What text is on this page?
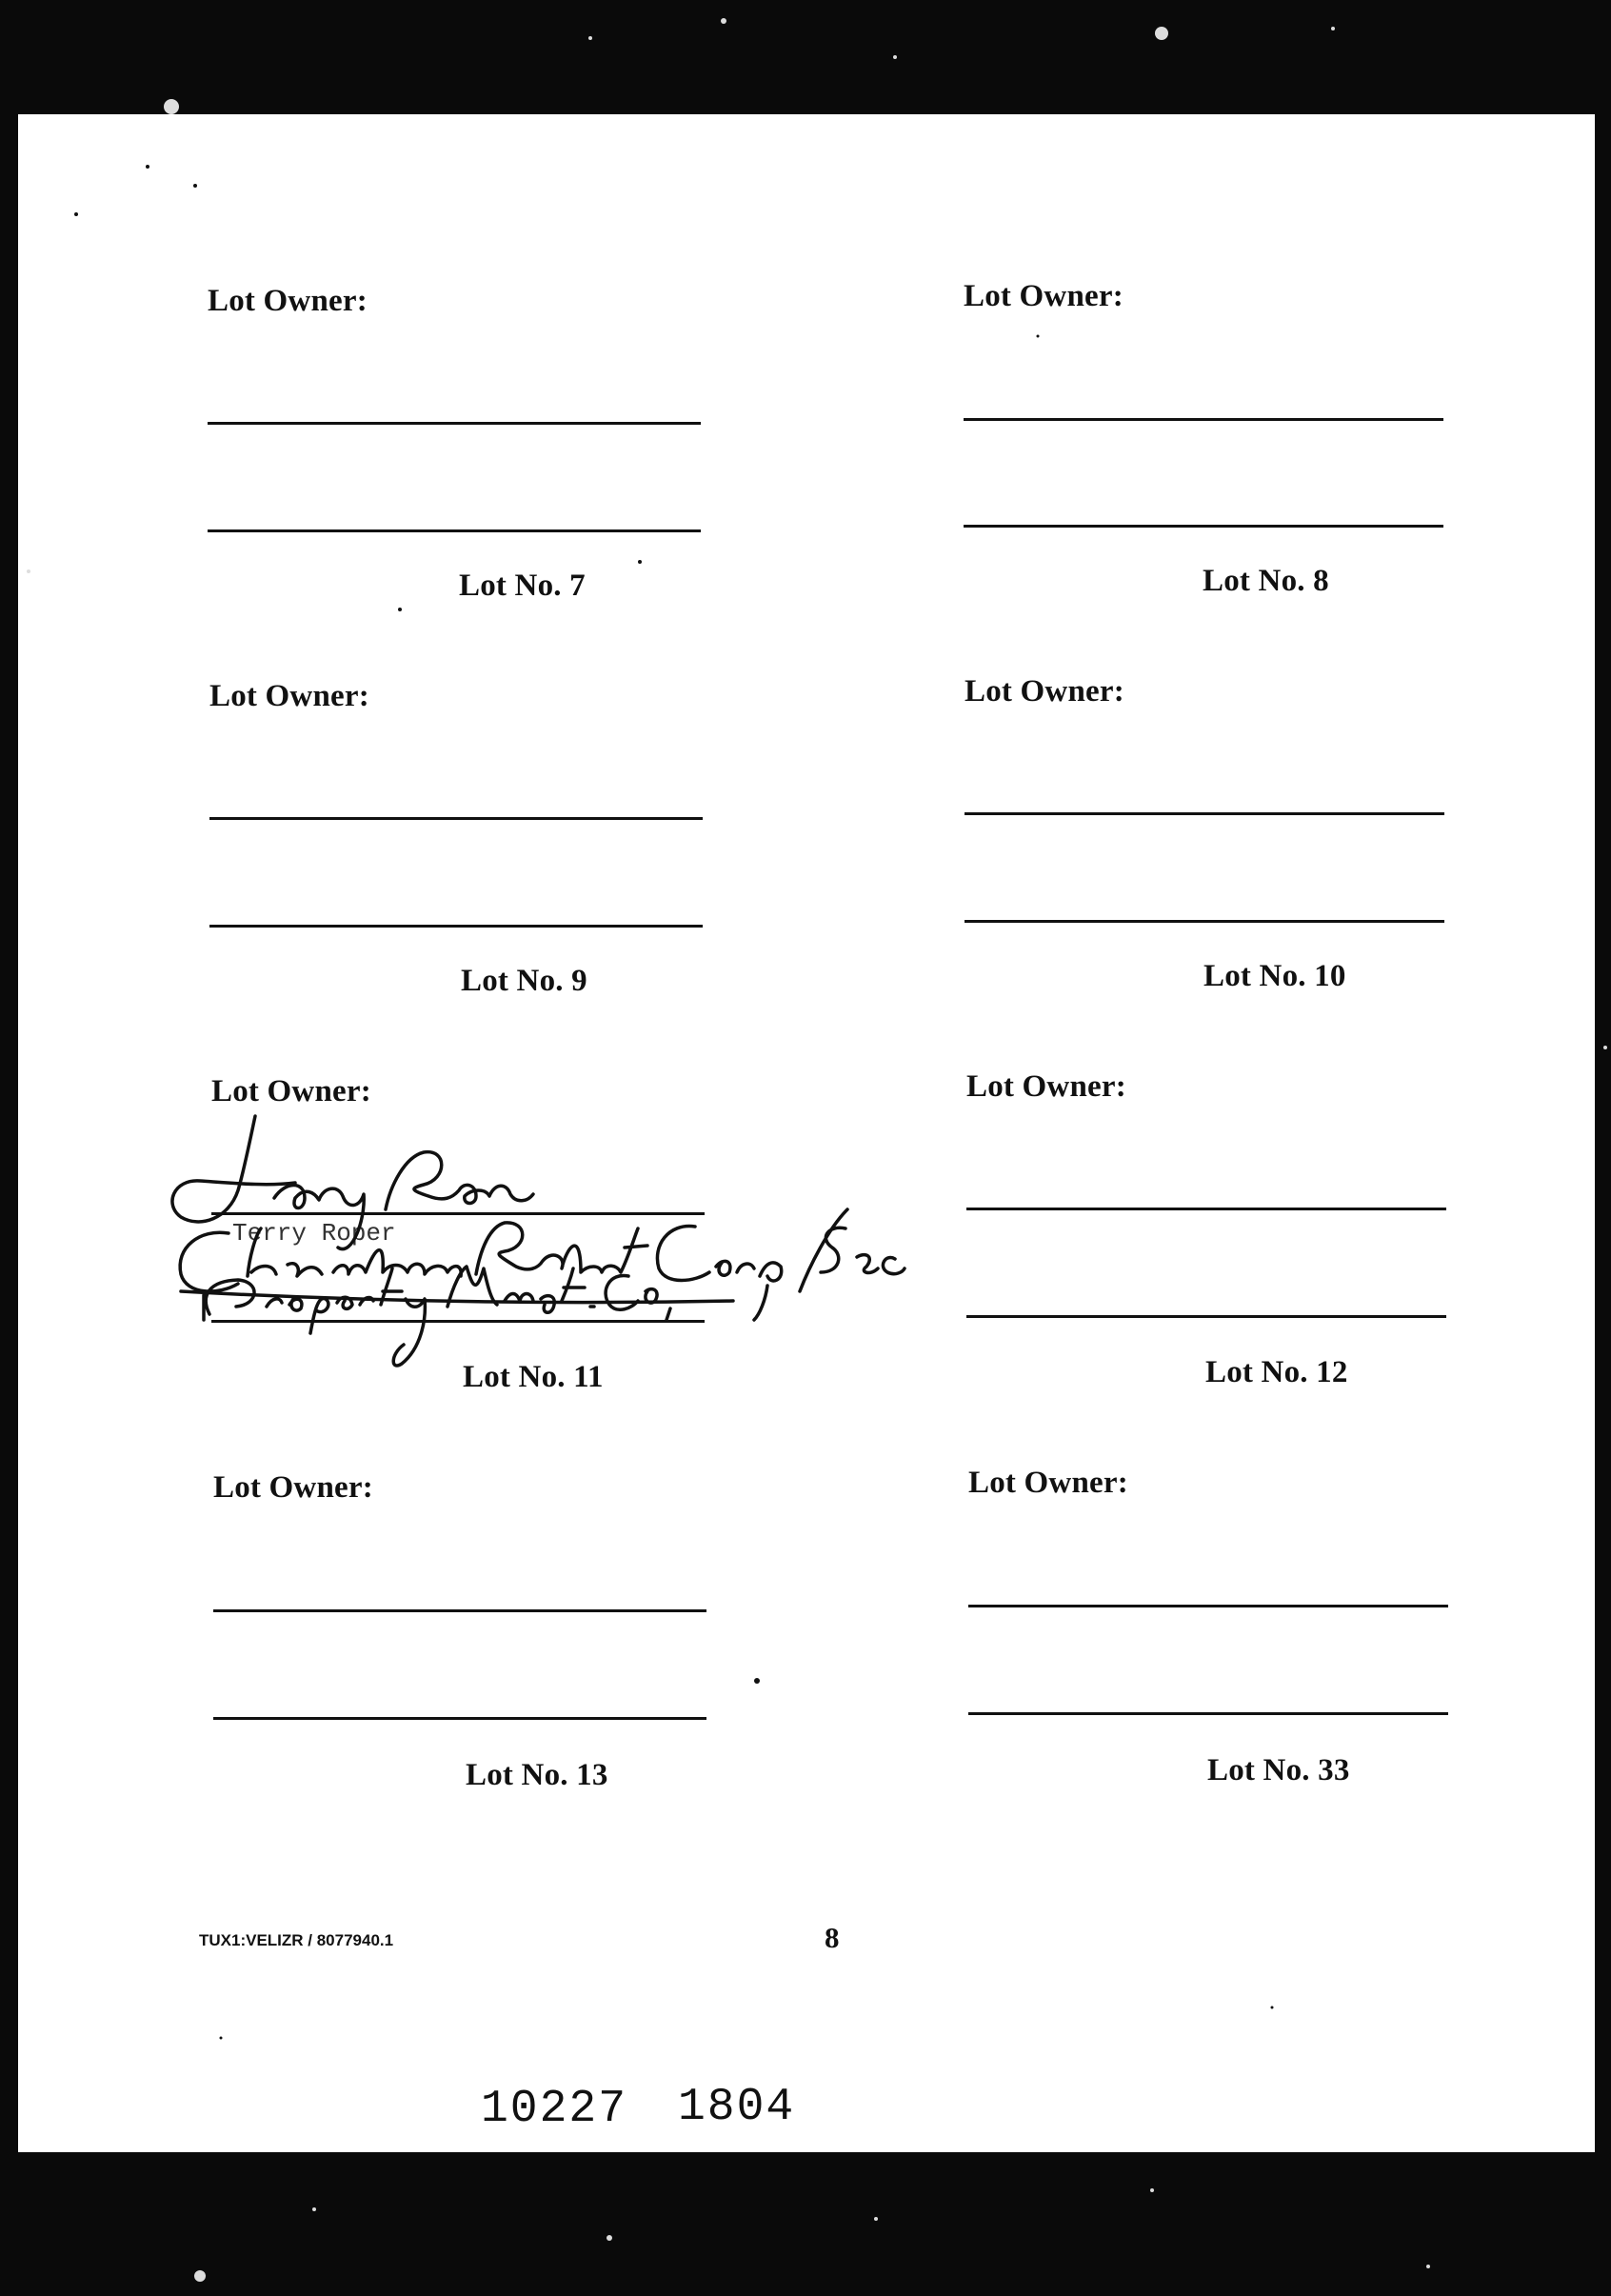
Lot Owner:
Lot No. 7
Lot Owner:
Lot No. 8
Lot Owner:
Lot No. 9
Lot Owner:
Lot No. 10
Lot Owner:
Lot No. 11
Lot Owner:
Lot No. 12
Lot Owner:
Lot No. 13
Lot Owner:
Lot No. 33
Terry Roper
TUX1:VELIZR / 8077940.1	8
10227 1804
